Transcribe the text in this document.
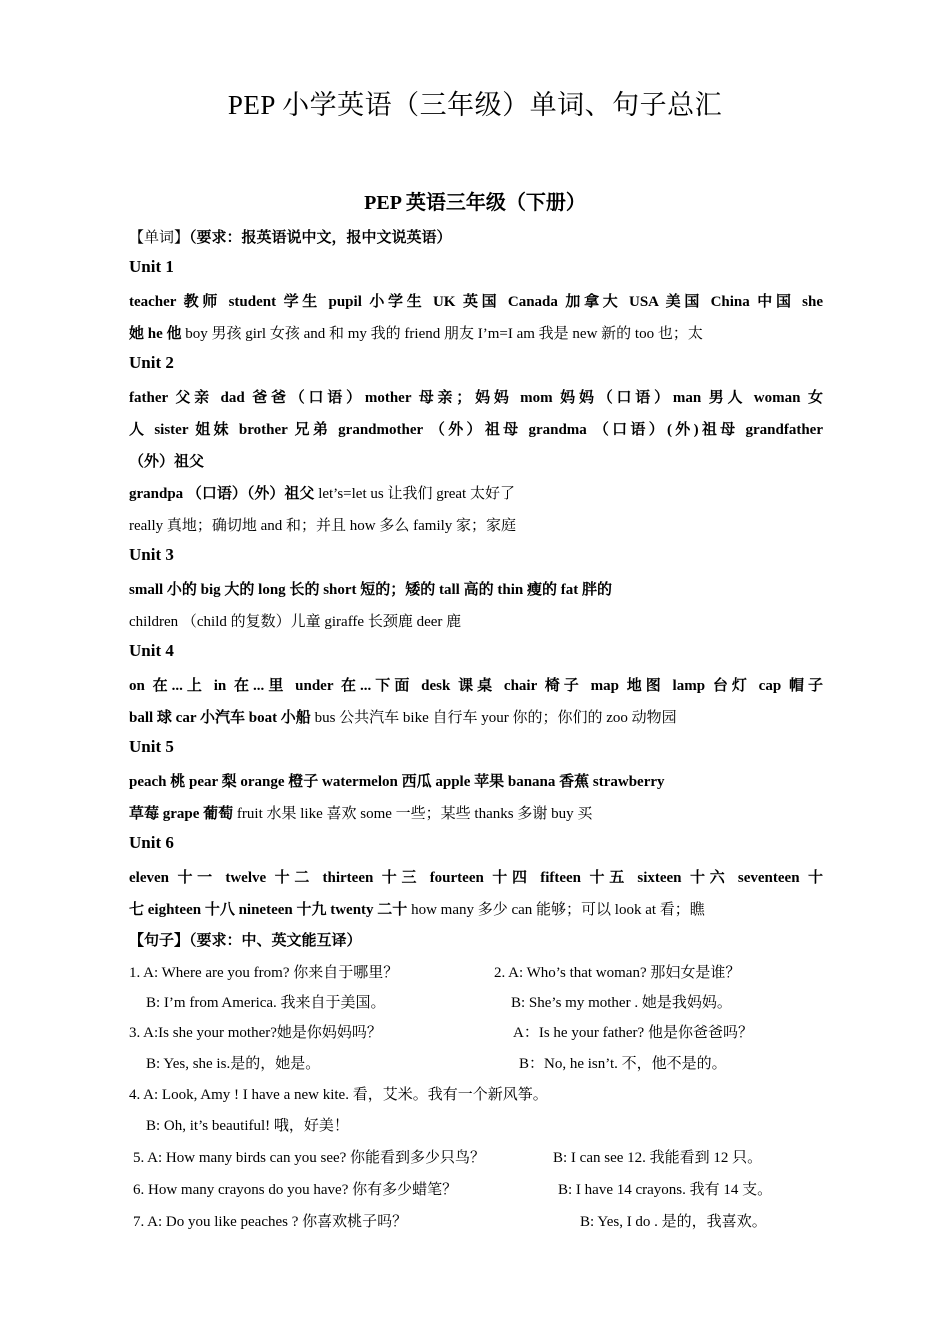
PEP 小学英语（三年级）单词、句子总汇
PEP 英语三年级（下册）
【单词】（要求：报英语说中文，报中文说英语）
Unit 1
teacher 教师 student 学生 pupil 小学生 UK 英国 Canada 加拿大 USA 美国 China 中国 she
她 he 他 boy 男孩 girl 女孩 and 和 my 我的 friend 朋友 I’m=I am 我是 new 新的 too 也；太
Unit 2
father 父亲 dad 爸爸（口语）mother 母亲；妈妈 mom 妈妈（口语）man 男人 woman 女
人 sister 姐妹 brother 兄弟 grandmother （外）祖母 grandma （口语）(外)祖母 grandfather
（外）祖父
grandpa （口语）（外）祖父 let’s=let us 让我们 great 太好了
really 真地；确切地 and 和；并且 how 多么 family 家；家庭
Unit 3
small 小的 big 大的 long 长的 short 短的；矮的 tall 高的 thin 瘦的 fat 胖的
children （child 的复数）儿童 giraffe 长颈鹿 deer 鹿
Unit 4
on 在...上 in 在...里 under 在...下面 desk 课桌 chair 椅子 map 地图 lamp 台灯 cap 帽子
ball 球 car 小汽车 boat 小船 bus 公共汽车 bike 自行车 your 你的；你们的 zoo 动物园
Unit 5
peach 桃 pear 梨 orange 橙子 watermelon 西瓜 apple 苹果 banana 香蕉 strawberry
草莓 grape 葡萄 fruit 水果 like 喜欢 some 一些；某些 thanks 多谢 buy 买
Unit 6
eleven 十一 twelve 十二 thirteen 十三 fourteen 十四 fifteen 十五 sixteen 十六 seventeen 十
七 eighteen 十八 nineteen 十九 twenty 二十 how many 多少 can 能够；可以 look at 看；瞧
【句子】（要求：中、英文能互译）
1. A: Where are you from? 你来自于哪里？	2. A: Who’s that woman? 那妇女是谁？
B: I’m from America. 我来自于美国。	B: She’s my mother . 她是我妈妈。
3. A:Is she your mother?她是你妈妈吗？	A：Is he your father? 他是你爸爸吗？
B: Yes, she is.是的，她是。	B：No, he isn’t. 不，他不是的。
4. A: Look, Amy ! I have a new kite. 看，艾米。我有一个新风筝。
B: Oh, it’s beautiful! 哦，好美！
5. A: How many birds can you see? 你能看到多少只鸟？	B: I can see 12. 我能看到 12 只。
6. How many crayons do you have? 你有多少蜡笔？	B: I have 14 crayons. 我有 14 支。
7. A: Do you like peaches ? 你喜欢桃子吗？	B: Yes, I do . 是的，我喜欢。
